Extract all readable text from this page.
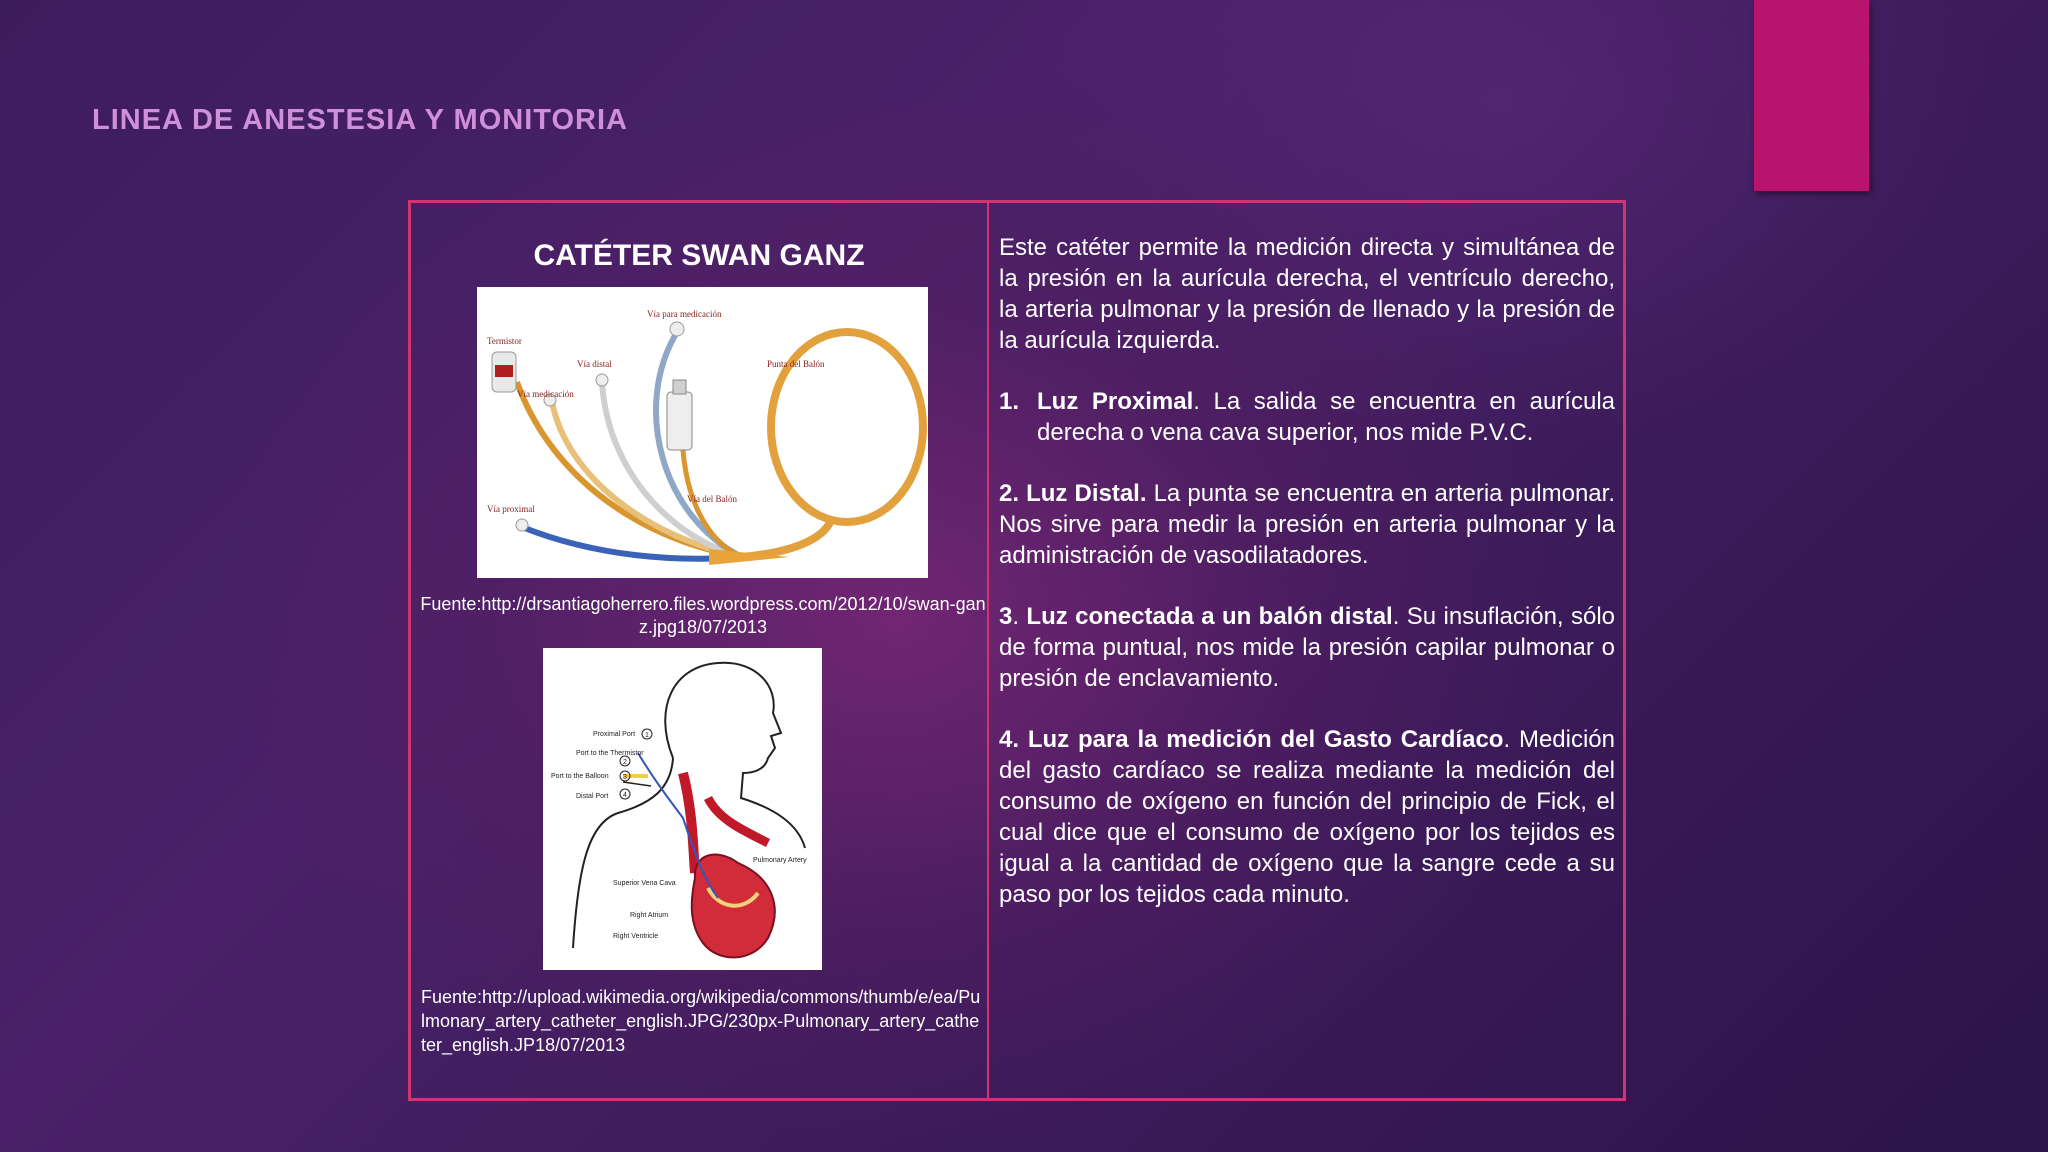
LINEA DE ANESTESIA Y MONITORIA
CATÉTER SWAN GANZ
Vía para medicación
Termistor
Vía distal
Vía medicación
Punta del Balón
Vía del Balón
Vía proximal
Fuente:http://drsantiagoherrero.files.wordpress.com/2012/10/swan-ganz.jpg18/07/2013
Proximal Port
Port to the Thermistor
Port to the Balloon
Distal Port
Pulmonary Artery
Superior Vena Cava
Right Atrium
Right Ventricle
1
2
3
4
Fuente:http://upload.wikimedia.org/wikipedia/commons/thumb/e/ea/Pulmonary_artery_catheter_english.JPG/230px-Pulmonary_artery_catheter_english.JP18/07/2013

Este catéter permite la medición directa y simultánea de la presión en la aurícula derecha, el ventrículo derecho, la arteria pulmonar y la presión de llenado y la presión de la aurícula izquierda.

1. Luz Proximal. La salida se encuentra en aurícula derecha o vena cava superior, nos mide P.V.C.

2. Luz Distal. La punta se encuentra en arteria pulmonar. Nos sirve para medir la presión en arteria pulmonar y la administración de vasodilatadores.

3. Luz conectada a un balón distal. Su insuflación, sólo de forma puntual, nos mide la presión capilar pulmonar o presión de enclavamiento.

4. Luz para la medición del Gasto Cardíaco. Medición del gasto cardíaco se realiza mediante la medición del consumo de oxígeno en función del principio de Fick, el cual dice que el consumo de oxígeno por los tejidos es igual a la cantidad de oxígeno que la sangre cede a su paso por los tejidos cada minuto.
